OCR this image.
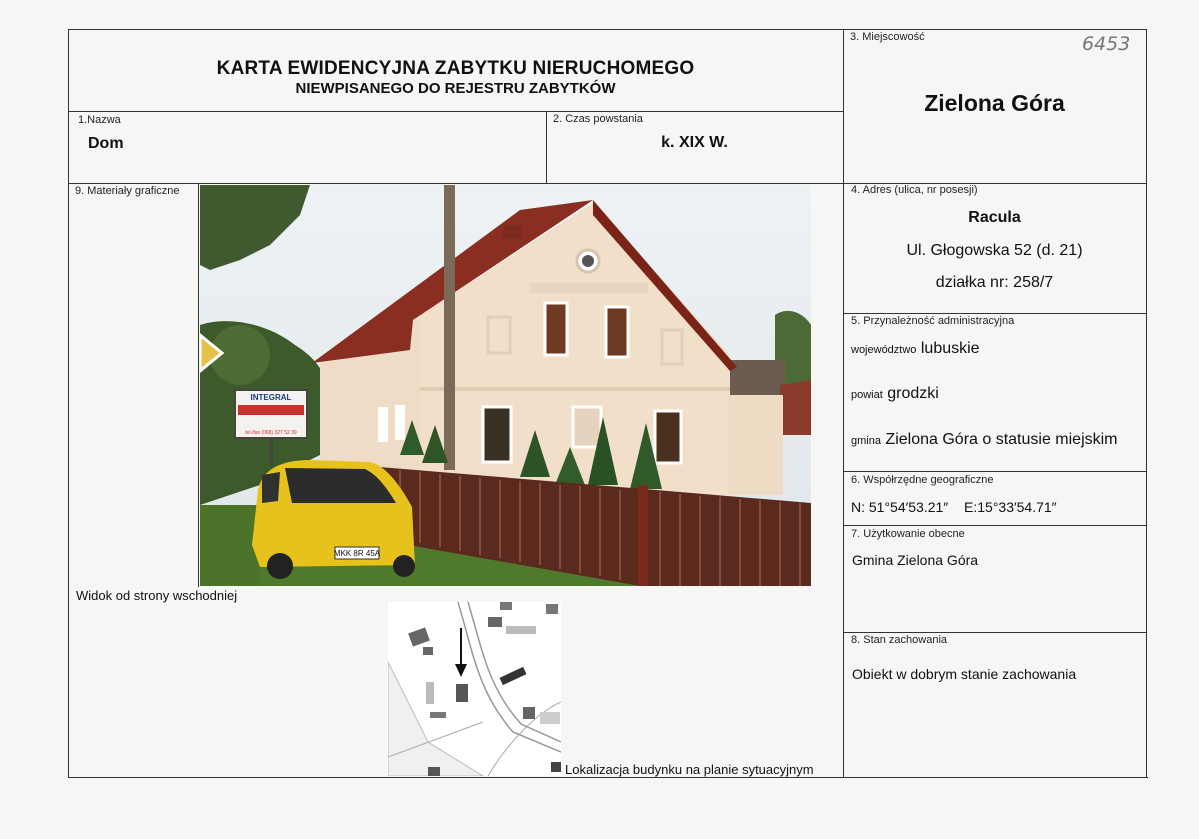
KARTA EWIDENCYJNA ZABYTKU NIERUCHOMEGO
NIEWPISANEGO DO REJESTRU ZABYTKÓW
1.Nazwa
Dom
2. Czas powstania
k. XIX W.
3. Miejscowość	6453
Zielona Góra
4. Adres (ulica, nr posesji)
Racula
Ul. Głogowska 52 (d. 21)
działka nr: 258/7
5. Przynależność administracyjna
województwo lubuskie
powiat grodzki
gmina Zielona Góra o statusie miejskim
6. Współrzędne geograficzne
N: 51°54′53.21″ E:15°33′54.71″
7. Użytkowanie obecne
Gmina Zielona Góra
8. Stan zachowania
Obiekt w dobrym stanie zachowania
9. Materiały graficzne
Widok od strony wschodniej
INTEGRAL
tel./fax (068) 327 52 39
MKK 8R 45A
Lokalizacja budynku na planie sytuacyjnym
